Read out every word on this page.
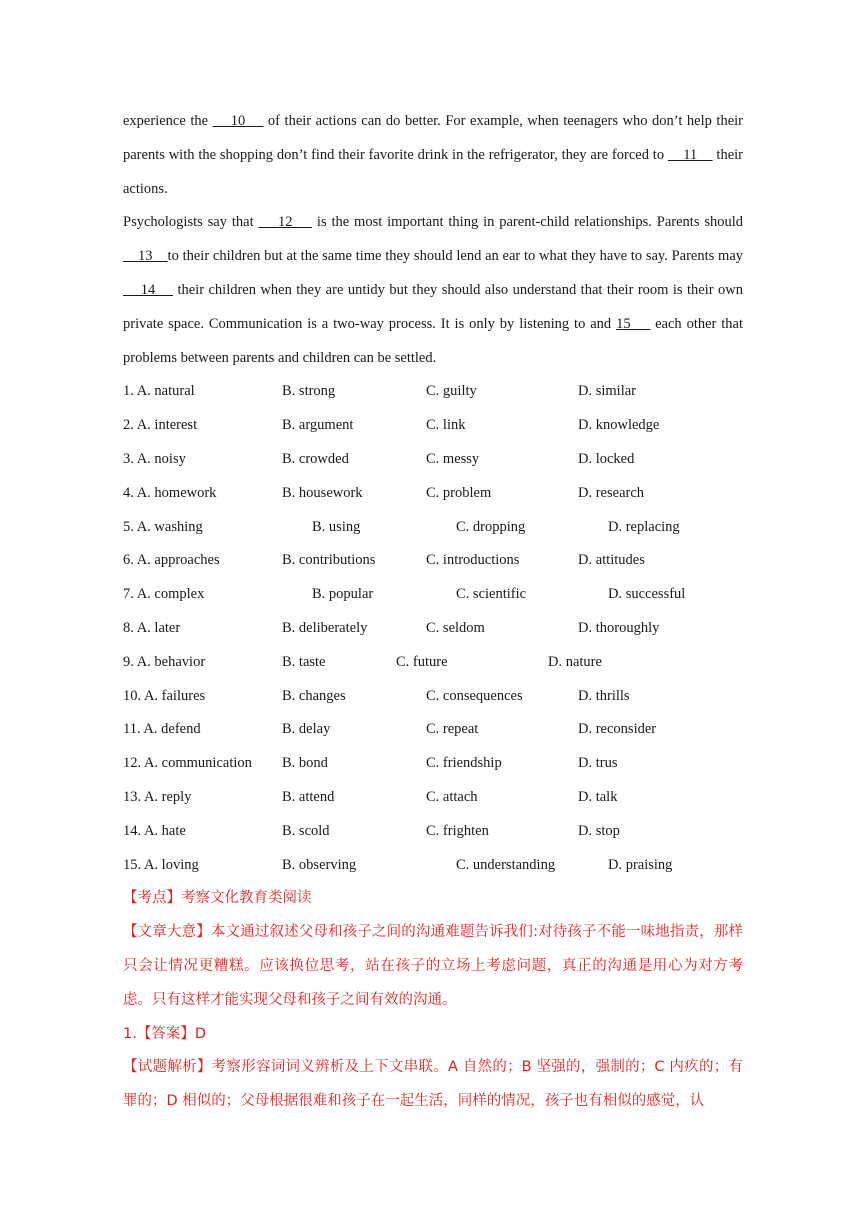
experience the     10     of their actions can do better. For example, when teenagers who don’t help their parents with the shopping don’t find their favorite drink in the refrigerator, they are forced to     11     their actions.

Psychologists say that     12     is the most important thing in parent-child relationships. Parents should     13    to their children but at the same time they should lend an ear to what they have to say. Parents may     14     their children when they are untidy but they should also understand that their room is their own private space. Communication is a two-way process. It is only by listening to and 15     each other that problems between parents and children can be settled.

1. A. natural	B. strong	C. guilty	D. similar
2. A. interest	B. argument	C. link	D. knowledge
3. A. noisy	B. crowded	C. messy	D. locked
4. A. homework	B. housework	C. problem	D. research
5. A. washing	B. using	C. dropping	D. replacing
6. A. approaches	B. contributions	C. introductions	D. attitudes
7. A. complex	B. popular	C. scientific	D. successful
8. A. later	B. deliberately	C. seldom	D. thoroughly
9. A. behavior	B. taste	C. future	D. nature
10. A. failures	B. changes	C. consequences	D. thrills
11. A. defend	B. delay	C. repeat	D. reconsider
12. A. communication B. bond	C. friendship	D. trus
13. A. reply	B. attend	C. attach	D. talk
14. A. hate	B. scold	C. frighten	D. stop
15. A. loving	B. observing	C. understanding	D. praising

【考点】考察文化教育类阅读

【文章大意】本文通过叙述父母和孩子之间的沟通难题告诉我们:对待孩子不能一味地指责，那样只会让情况更糟糕。应该换位思考，站在孩子的立场上考虑问题，真正的沟通是用心为对方考虑。只有这样才能实现父母和孩子之间有效的沟通。

1.【答案】D

【试题解析】考察形容词词义辨析及上下文串联。A 自然的；B 坚强的，强制的；C 内疚的；有罪的；D 相似的；父母根据很难和孩子在一起生活，同样的情况，孩子也有相似的感觉，认
